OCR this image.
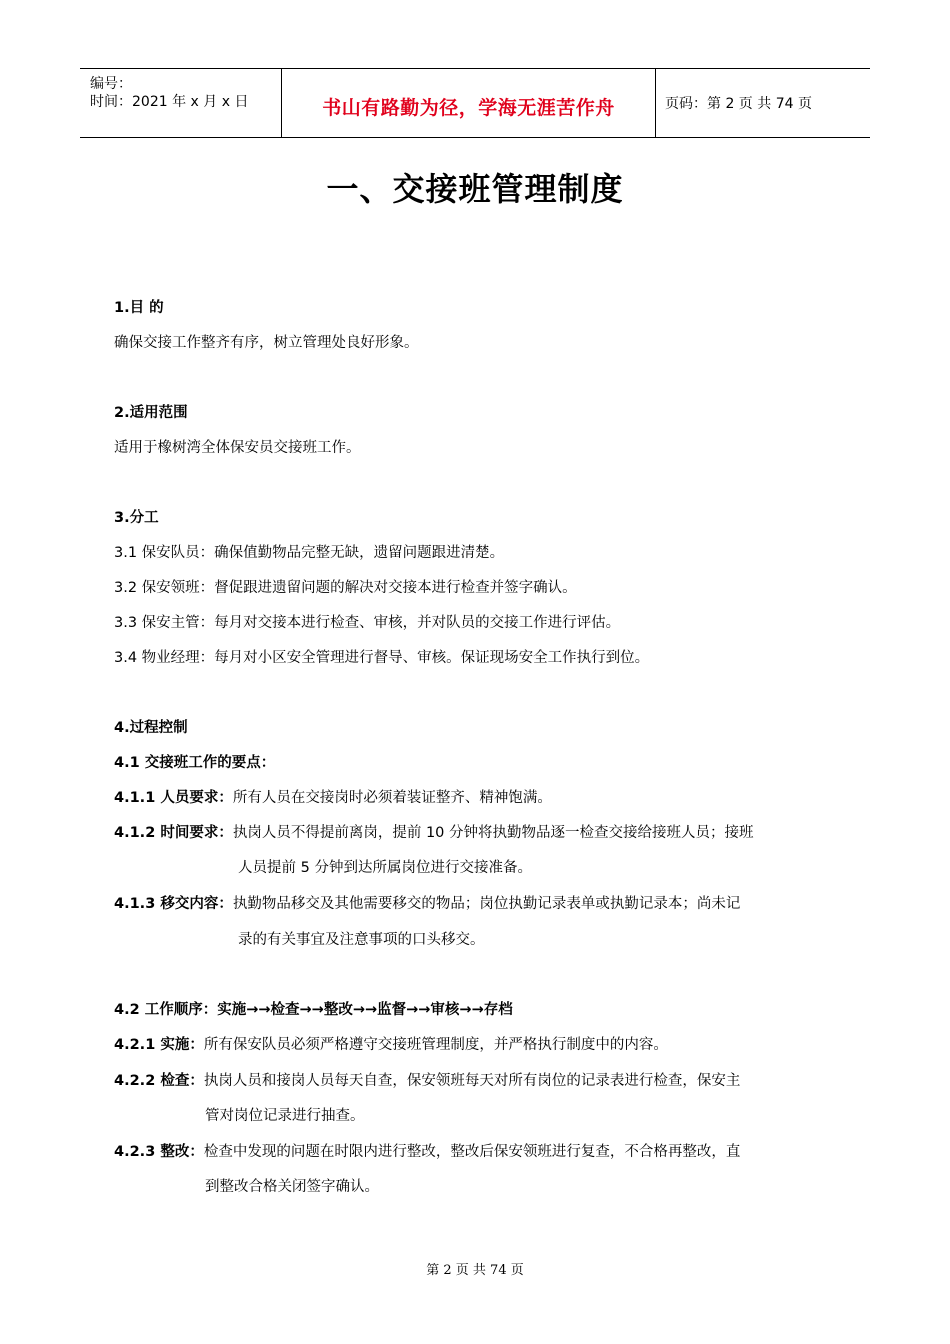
编号：
时间：2021 年 x 月 x 日	书山有路勤为径，学海无涯苦作舟	页码：第 2 页 共 74 页
一、交接班管理制度
1.目 的
确保交接工作整齐有序，树立管理处良好形象。
2.适用范围
适用于橡树湾全体保安员交接班工作。
3.分工
3.1 保安队员：确保值勤物品完整无缺，遗留问题跟进清楚。
3.2 保安领班：督促跟进遗留问题的解决对交接本进行检查并签字确认。
3.3 保安主管：每月对交接本进行检查、审核，并对队员的交接工作进行评估。
3.4 物业经理：每月对小区安全管理进行督导、审核。保证现场安全工作执行到位。
4.过程控制
4.1 交接班工作的要点：
4.1.1 人员要求：所有人员在交接岗时必须着装证整齐、精神饱满。
4.1.2 时间要求：执岗人员不得提前离岗，提前 10 分钟将执勤物品逐一检查交接给接班人员；接班
人员提前 5 分钟到达所属岗位进行交接准备。
4.1.3 移交内容：执勤物品移交及其他需要移交的物品；岗位执勤记录表单或执勤记录本；尚未记
录的有关事宜及注意事项的口头移交。
4.2 工作顺序：实施→→检查→→整改→→监督→→审核→→存档
4.2.1 实施：所有保安队员必须严格遵守交接班管理制度，并严格执行制度中的内容。
4.2.2 检查：执岗人员和接岗人员每天自查，保安领班每天对所有岗位的记录表进行检查，保安主
管对岗位记录进行抽查。
4.2.3 整改：检查中发现的问题在时限内进行整改，整改后保安领班进行复查，不合格再整改，直
到整改合格关闭签字确认。
第 2 页 共 74 页
